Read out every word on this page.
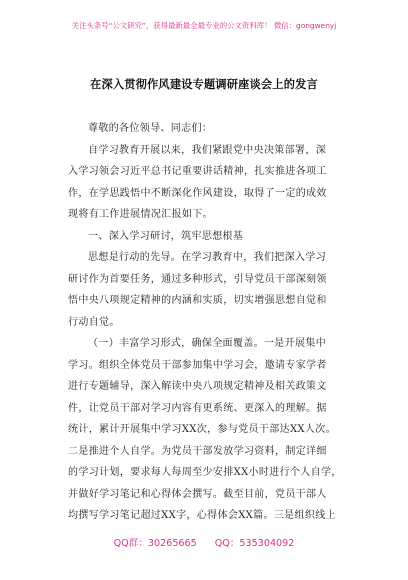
关注头条号“公文研究”，获得最新最全最专业的公文资料库！ 微信：gongwenyj
在深入贯彻作风建设专题调研座谈会上的发言
尊敬的各位领导、同志们：
自学习教育开展以来，我们紧跟党中央决策部署，深
入学习领会习近平总书记重要讲话精神，扎实推进各项工
作，在学思践悟中不断深化作风建设，取得了一定的成效
现将有工作进展情况汇报如下。
一、深入学习研讨，筑牢思想根基
思想是行动的先导。在学习教育中，我们把深入学习
研讨作为首要任务，通过多种形式，引导党员干部深刻领
悟中央八项规定精神的内涵和实质，切实增强思想自觉和
行动自觉。
（一）丰富学习形式，确保全面覆盖。一是开展集中
学习。组织全体党员干部参加集中学习会，邀请专家学者
进行专题辅导，深入解读中央八项规定精神及相关政策文
件，让党员干部对学习内容有更系统、更深入的理解。据
统计，累计开展集中学习XX次，参与党员干部达XX人次。
二是推进个人自学。为党员干部发放学习资料，制定详细
的学习计划，要求每人每周至少安排XX小时进行个人自学，
并做好学习笔记和心得体会撰写。截至目前，党员干部人
均撰写学习笔记超过XX字，心得体会XX篇。三是组织线上
QQ群：30265665 QQ：535304092
